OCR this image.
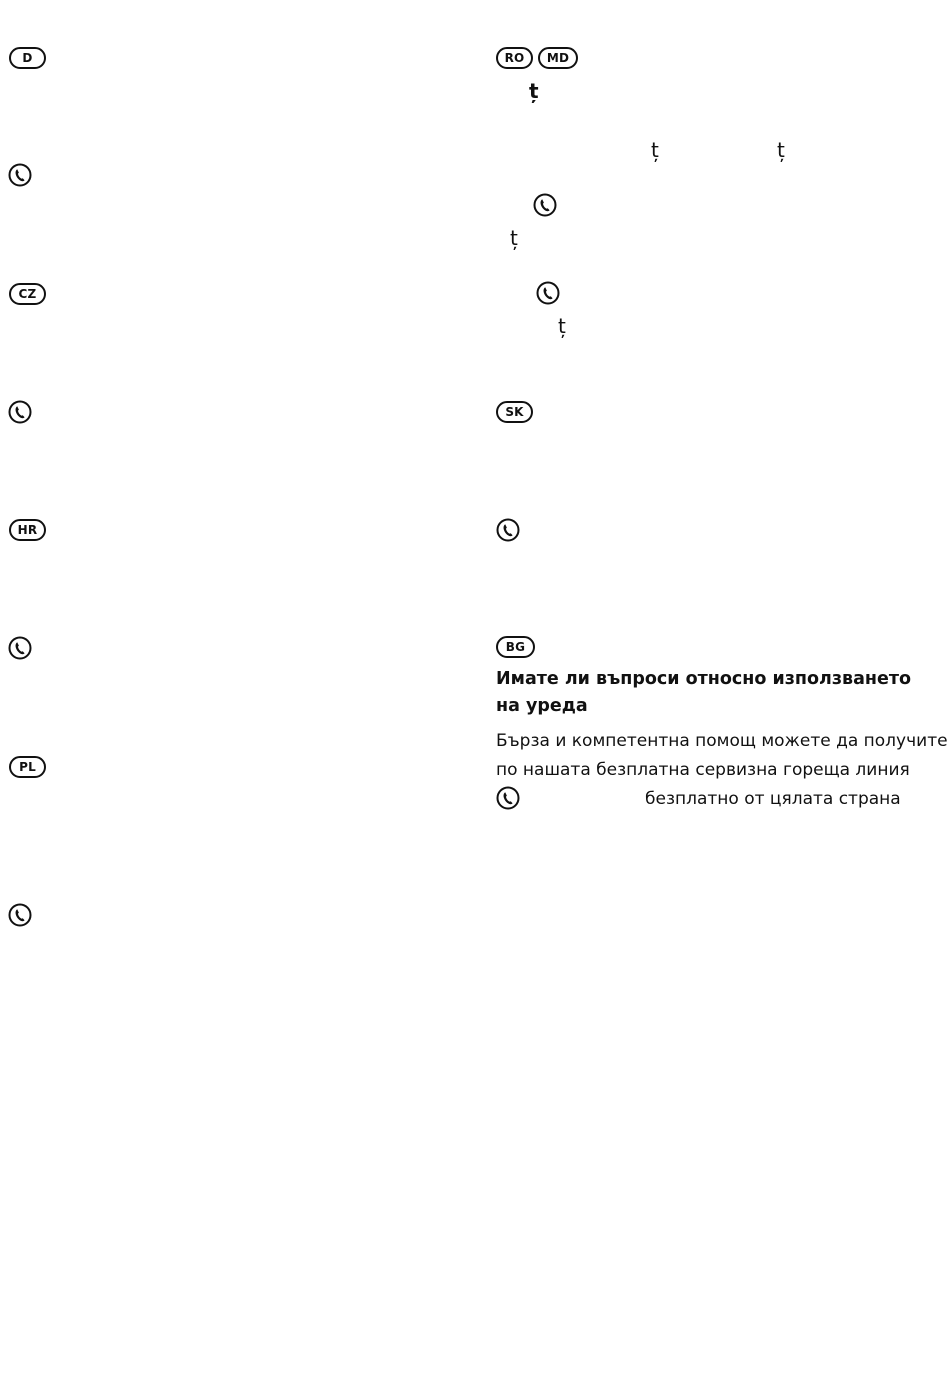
D
CZ
HR
PL
RO	MD
ț
ț	ț
ț
ț
SK
BG
Имате ли въпроси относно използването на уреда

Бърза и компетентна помощ можете да получите
по нашата безплатна сервизна гореща линия

безплатно от цялата страна
